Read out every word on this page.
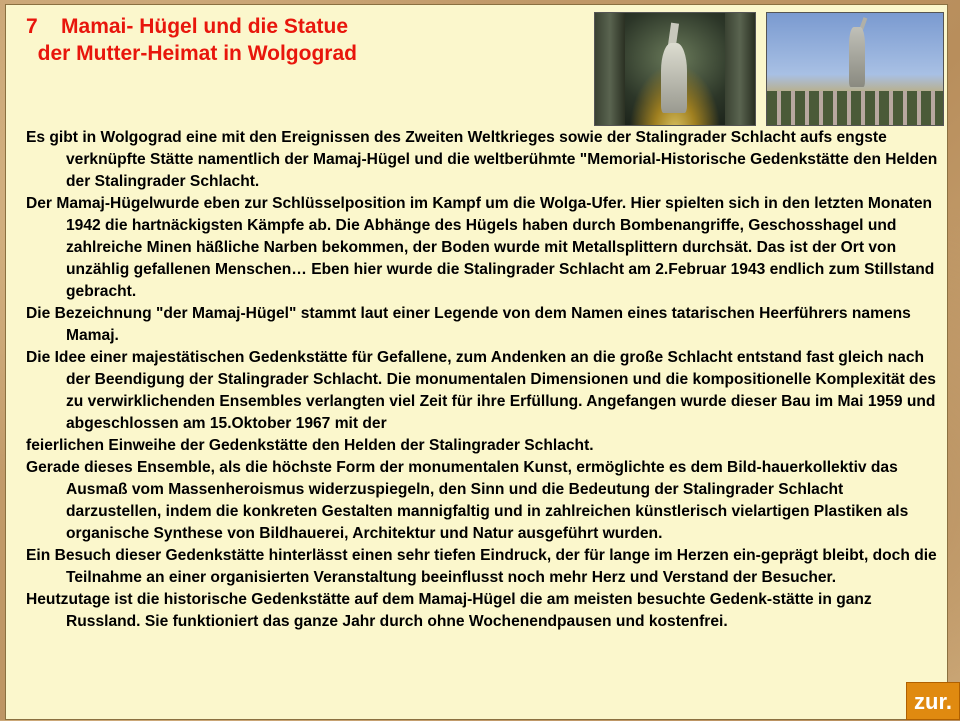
7    Mamai- Hügel und die Statue
der Mutter-Heimat in Wolgograd

Es gibt in Wolgograd eine mit den Ereignissen des Zweiten Weltkrieges sowie der Stalingrader Schlacht aufs engste verknüpfte Stätte namentlich der Mamaj-Hügel und die weltberühmte "Memorial-Historische Gedenkstätte den Helden der Stalingrader Schlacht.

Der Mamaj-Hügelwurde eben zur Schlüsselposition im Kampf um die Wolga-Ufer. Hier spielten sich in den letzten Monaten 1942 die hartnäckigsten Kämpfe ab. Die Abhänge des Hügels haben durch Bombenangriffe, Geschosshagel und zahlreiche Minen häßliche Narben bekommen, der Boden wurde mit Metallsplittern durchsät. Das ist der Ort von unzählig gefallenen Menschen… Eben hier wurde die Stalingrader Schlacht am 2.Februar 1943 endlich zum Stillstand gebracht.

Die Bezeichnung "der Mamaj-Hügel" stammt laut einer Legende von dem Namen eines tatarischen Heerführers namens Mamaj.

Die Idee einer majestätischen Gedenkstätte für Gefallene, zum Andenken an die große Schlacht entstand fast gleich nach der Beendigung der Stalingrader Schlacht. Die monumentalen Dimensionen und die kompositionelle Komplexität des zu verwirklichenden Ensembles verlangten viel Zeit für ihre Erfüllung. Angefangen wurde dieser Bau im Mai 1959 und abgeschlossen am 15.Oktober 1967 mit der

feierlichen Einweihe der Gedenkstätte den Helden der Stalingrader Schlacht.

Gerade dieses Ensemble, als die höchste Form der monumentalen Kunst, ermöglichte es dem Bild-hauerkollektiv das Ausmaß vom Massenheroismus widerzuspiegeln, den Sinn und die Bedeutung der Stalingrader Schlacht darzustellen, indem die konkreten Gestalten mannigfaltig und in zahlreichen künstlerisch vielartigen Plastiken als organische Synthese von Bildhauerei, Architektur und Natur ausgeführt wurden.

Ein Besuch dieser Gedenkstätte hinterlässt einen sehr tiefen Eindruck, der für lange im Herzen ein-geprägt bleibt, doch die Teilnahme an einer organisierten Veranstaltung beeinflusst noch mehr Herz und Verstand der Besucher.

Heutzutage ist die historische Gedenkstätte auf dem Mamaj-Hügel die am meisten besuchte Gedenk-stätte in ganz Russland. Sie funktioniert das ganze Jahr durch ohne Wochenendpausen und kostenfrei.

zur.
